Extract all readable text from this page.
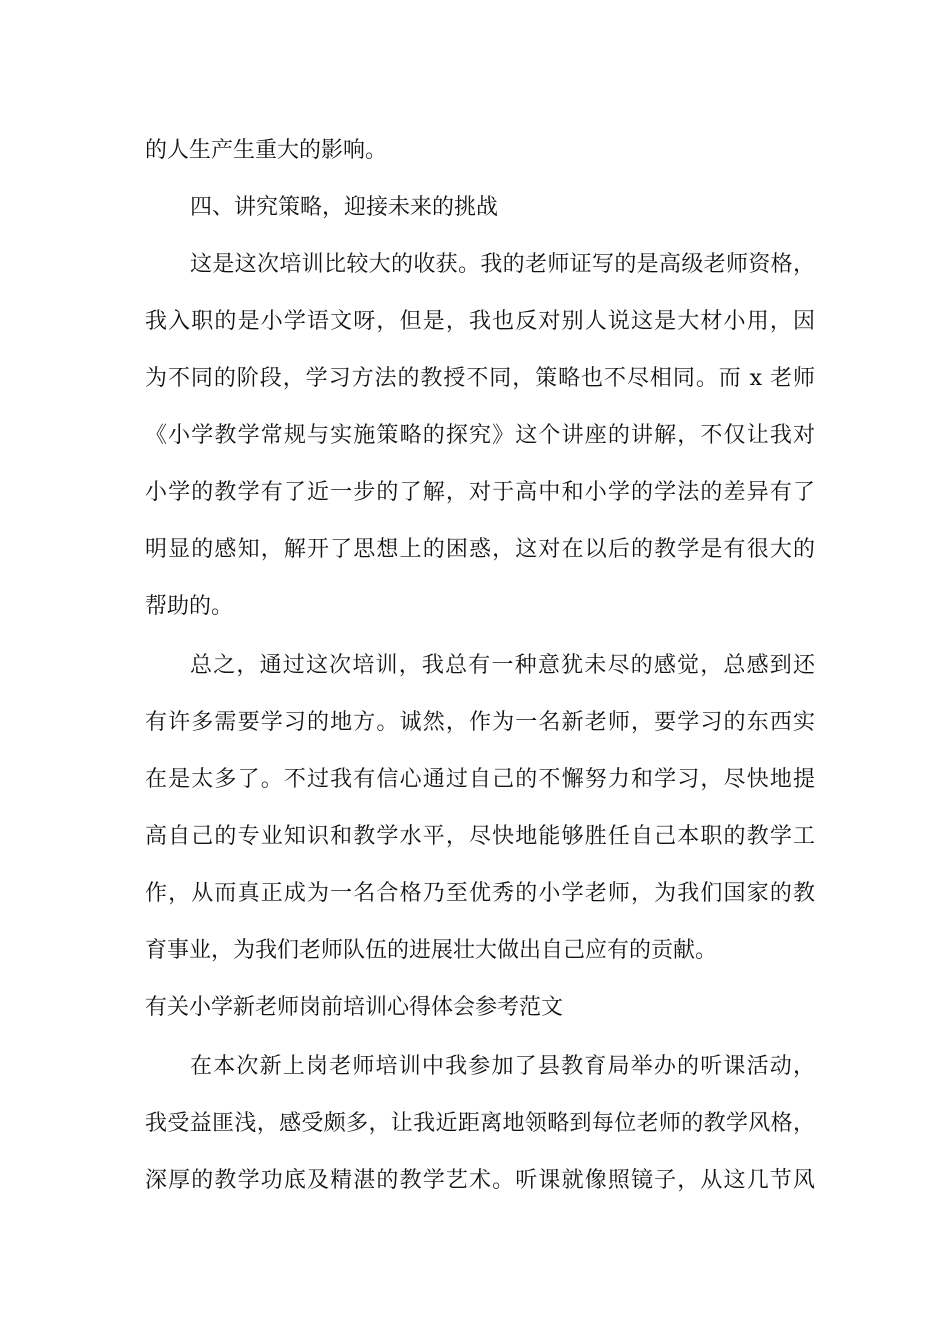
的人生产生重大的影响。
四、讲究策略，迎接未来的挑战
这是这次培训比较大的收获。我的老师证写的是高级老师资格，
我入职的是小学语文呀，但是，我也反对别人说这是大材小用，因
为不同的阶段，学习方法的教授不同，策略也不尽相同。而 x 老师
《小学教学常规与实施策略的探究》这个讲座的讲解，不仅让我对
小学的教学有了近一步的了解，对于高中和小学的学法的差异有了
明显的感知，解开了思想上的困惑，这对在以后的教学是有很大的
帮助的。
总之，通过这次培训，我总有一种意犹未尽的感觉，总感到还
有许多需要学习的地方。诚然，作为一名新老师，要学习的东西实
在是太多了。不过我有信心通过自己的不懈努力和学习，尽快地提
高自己的专业知识和教学水平，尽快地能够胜任自己本职的教学工
作，从而真正成为一名合格乃至优秀的小学老师，为我们国家的教
育事业，为我们老师队伍的进展壮大做出自己应有的贡献。
有关小学新老师岗前培训心得体会参考范文
在本次新上岗老师培训中我参加了县教育局举办的听课活动，
我受益匪浅，感受颇多，让我近距离地领略到每位老师的教学风格，
深厚的教学功底及精湛的教学艺术。听课就像照镜子，从这几节风
